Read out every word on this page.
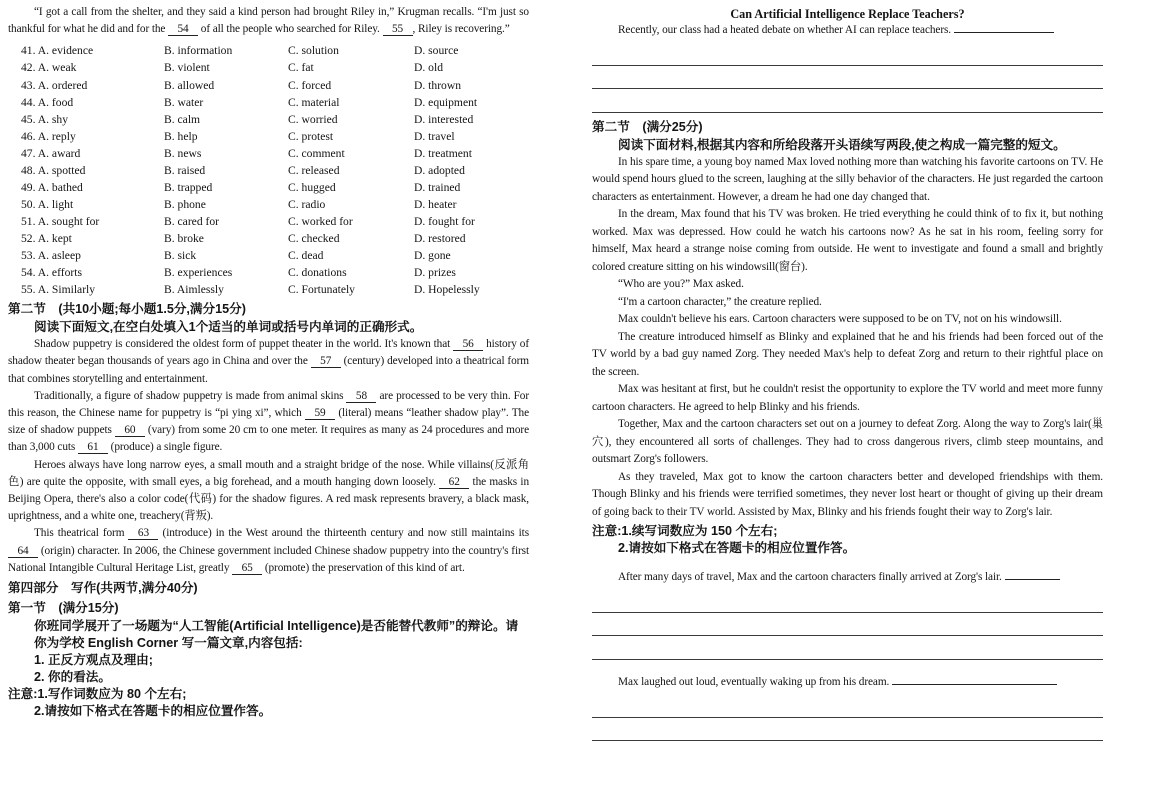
“I got a call from the shelter, and they said a kind person had brought Riley in,” Krugman recalls. “I'm just so thankful for what he did and for the 54 of all the people who searched for Riley. 55 , Riley is recovering.”

41. A. evidence	B. information	C. solution	D. source
42. A. weak	B. violent	C. fat	D. old
43. A. ordered	B. allowed	C. forced	D. thrown
44. A. food	B. water	C. material	D. equipment
45. A. shy	B. calm	C. worried	D. interested
46. A. reply	B. help	C. protest	D. travel
47. A. award	B. news	C. comment	D. treatment
48. A. spotted	B. raised	C. released	D. adopted
49. A. bathed	B. trapped	C. hugged	D. trained
50. A. light	B. phone	C. radio	D. heater
51. A. sought for	B. cared for	C. worked for	D. fought for
52. A. kept	B. broke	C. checked	D. restored
53. A. asleep	B. sick	C. dead	D. gone
54. A. efforts	B. experiences	C. donations	D. prizes
55. A. Similarly	B. Aimlessly	C. Fortunately	D. Hopelessly

第二节　(共10小题;每小题1.5分,满分15分)

阅读下面短文,在空白处填入1个适当的单词或括号内单词的正确形式。

Shadow puppetry is considered the oldest form of puppet theater in the world. It's known that 56 history of shadow theater began thousands of years ago in China and over the 57 (century) developed into a theatrical form that combines storytelling and entertainment.

Traditionally, a figure of shadow puppetry is made from animal skins 58 are processed to be very thin. For this reason, the Chinese name for puppetry is “pi ying xi”, which 59 (literal) means “leather shadow play”. The size of shadow puppets 60 (vary) from some 20 cm to one meter. It requires as many as 24 procedures and more than 3,000 cuts 61 (produce) a single figure.

Heroes always have long narrow eyes, a small mouth and a straight bridge of the nose. While villains(反派角色) are quite the opposite, with small eyes, a big forehead, and a mouth hanging down loosely. 62 the masks in Beijing Opera, there's also a color code(代码) for the shadow figures. A red mask represents bravery, a black mask, uprightness, and a white one, treachery(背叛).

This theatrical form 63 (introduce) in the West around the thirteenth century and now still maintains its 64 (origin) character. In 2006, the Chinese government included Chinese shadow puppetry into the country's first National Intangible Cultural Heritage List, greatly 65 (promote) the preservation of this kind of art.

第四部分　写作(共两节,满分40分)

第一节　(满分15分)

你班同学展开了一场题为“人工智能(Artificial Intelligence)是否能替代教师”的辩论。请你为学校 English Corner 写一篇文章,内容包括:

1. 正反方观点及理由;

2. 你的看法。

注意:1.写作词数应为 80 个左右;

2.请按如下格式在答题卡的相应位置作答。

Can Artificial Intelligence Replace Teachers?

Recently, our class had a heated debate on whether AI can replace teachers.

第二节　(满分25分)

阅读下面材料,根据其内容和所给段落开头语续写两段,使之构成一篇完整的短文。

In his spare time, a young boy named Max loved nothing more than watching his favorite cartoons on TV. He would spend hours glued to the screen, laughing at the silly behavior of the characters. He just regarded the cartoon characters as entertainment. However, a dream he had one day changed that.

In the dream, Max found that his TV was broken. He tried everything he could think of to fix it, but nothing worked. Max was depressed. How could he watch his cartoons now? As he sat in his room, feeling sorry for himself, Max heard a strange noise coming from outside. He went to investigate and found a small and brightly colored creature sitting on his windowsill(窗台).

“Who are you?” Max asked.

“I'm a cartoon character,” the creature replied.

Max couldn't believe his ears. Cartoon characters were supposed to be on TV, not on his windowsill.

The creature introduced himself as Blinky and explained that he and his friends had been forced out of the TV world by a bad guy named Zorg. They needed Max's help to defeat Zorg and return to their rightful place on the screen.

Max was hesitant at first, but he couldn't resist the opportunity to explore the TV world and meet more funny cartoon characters. He agreed to help Blinky and his friends.

Together, Max and the cartoon characters set out on a journey to defeat Zorg. Along the way to Zorg's lair(巢穴), they encountered all sorts of challenges. They had to cross dangerous rivers, climb steep mountains, and outsmart Zorg's followers.

As they traveled, Max got to know the cartoon characters better and developed friendships with them. Though Blinky and his friends were terrified sometimes, they never lost heart or thought of giving up their dream of going back to their TV world. Assisted by Max, Blinky and his friends fought their way to Zorg's lair.

注意:1.续写词数应为 150 个左右;

2.请按如下格式在答题卡的相应位置作答。

After many days of travel, Max and the cartoon characters finally arrived at Zorg's lair.

Max laughed out loud, eventually waking up from his dream.
